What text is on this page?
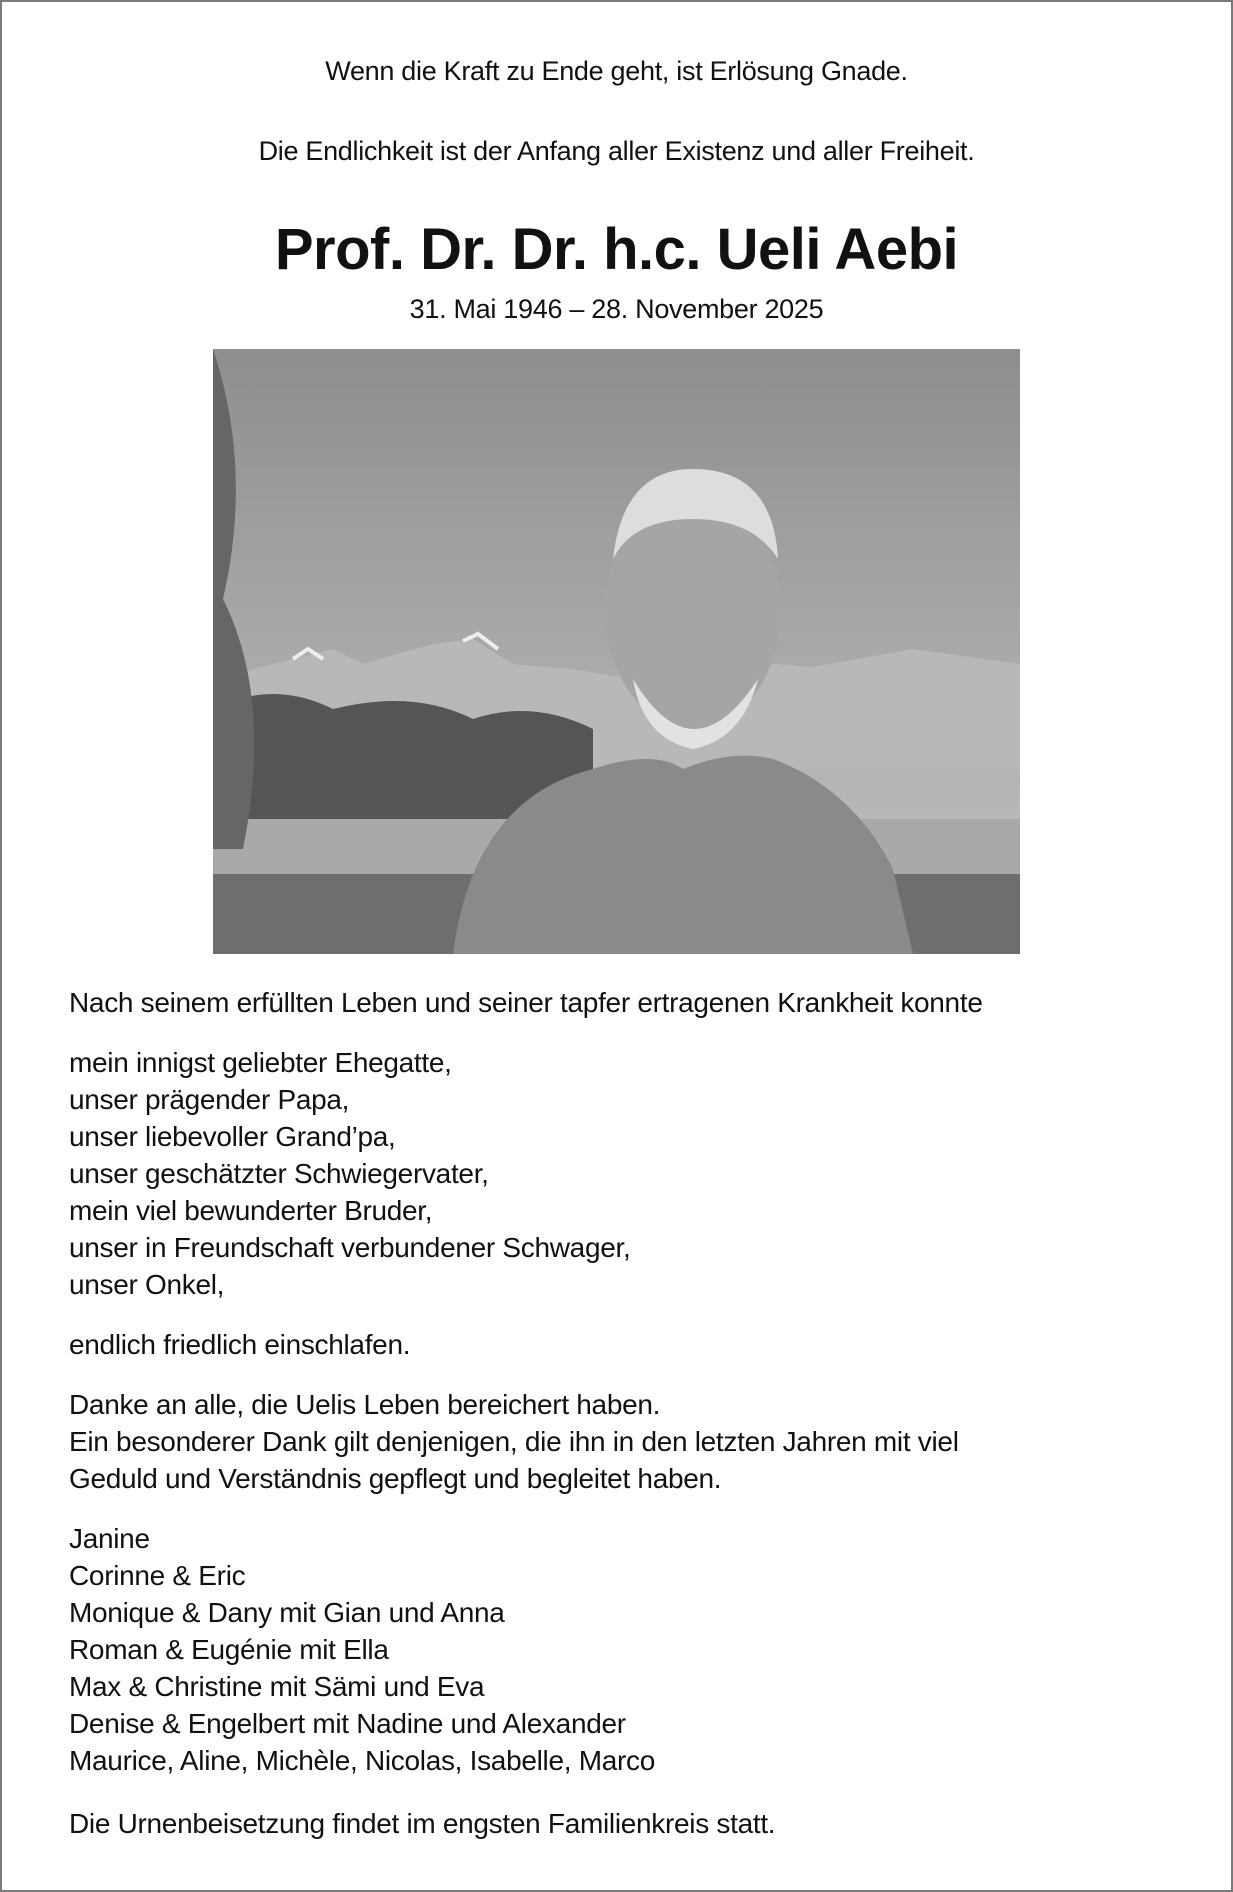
Wenn die Kraft zu Ende geht, ist Erlösung Gnade.
Die Endlichkeit ist der Anfang aller Existenz und aller Freiheit.
Prof. Dr. Dr. h.c. Ueli Aebi
31. Mai 1946 – 28. November 2025
Nach seinem erfüllten Leben und seiner tapfer ertragenen Krankheit konnte
mein innigst geliebter Ehegatte,
unser prägender Papa,
unser liebevoller Grand’pa,
unser geschätzter Schwiegervater,
mein viel bewunderter Bruder,
unser in Freundschaft verbundener Schwager,
unser Onkel,
endlich friedlich einschlafen.
Danke an alle, die Uelis Leben bereichert haben.
Ein besonderer Dank gilt denjenigen, die ihn in den letzten Jahren mit viel
Geduld und Verständnis gepflegt und begleitet haben.
Janine
Corinne & Eric
Monique & Dany mit Gian und Anna
Roman & Eugénie mit Ella
Max & Christine mit Sämi und Eva
Denise & Engelbert mit Nadine und Alexander
Maurice, Aline, Michèle, Nicolas, Isabelle, Marco
Die Urnenbeisetzung findet im engsten Familienkreis statt.
